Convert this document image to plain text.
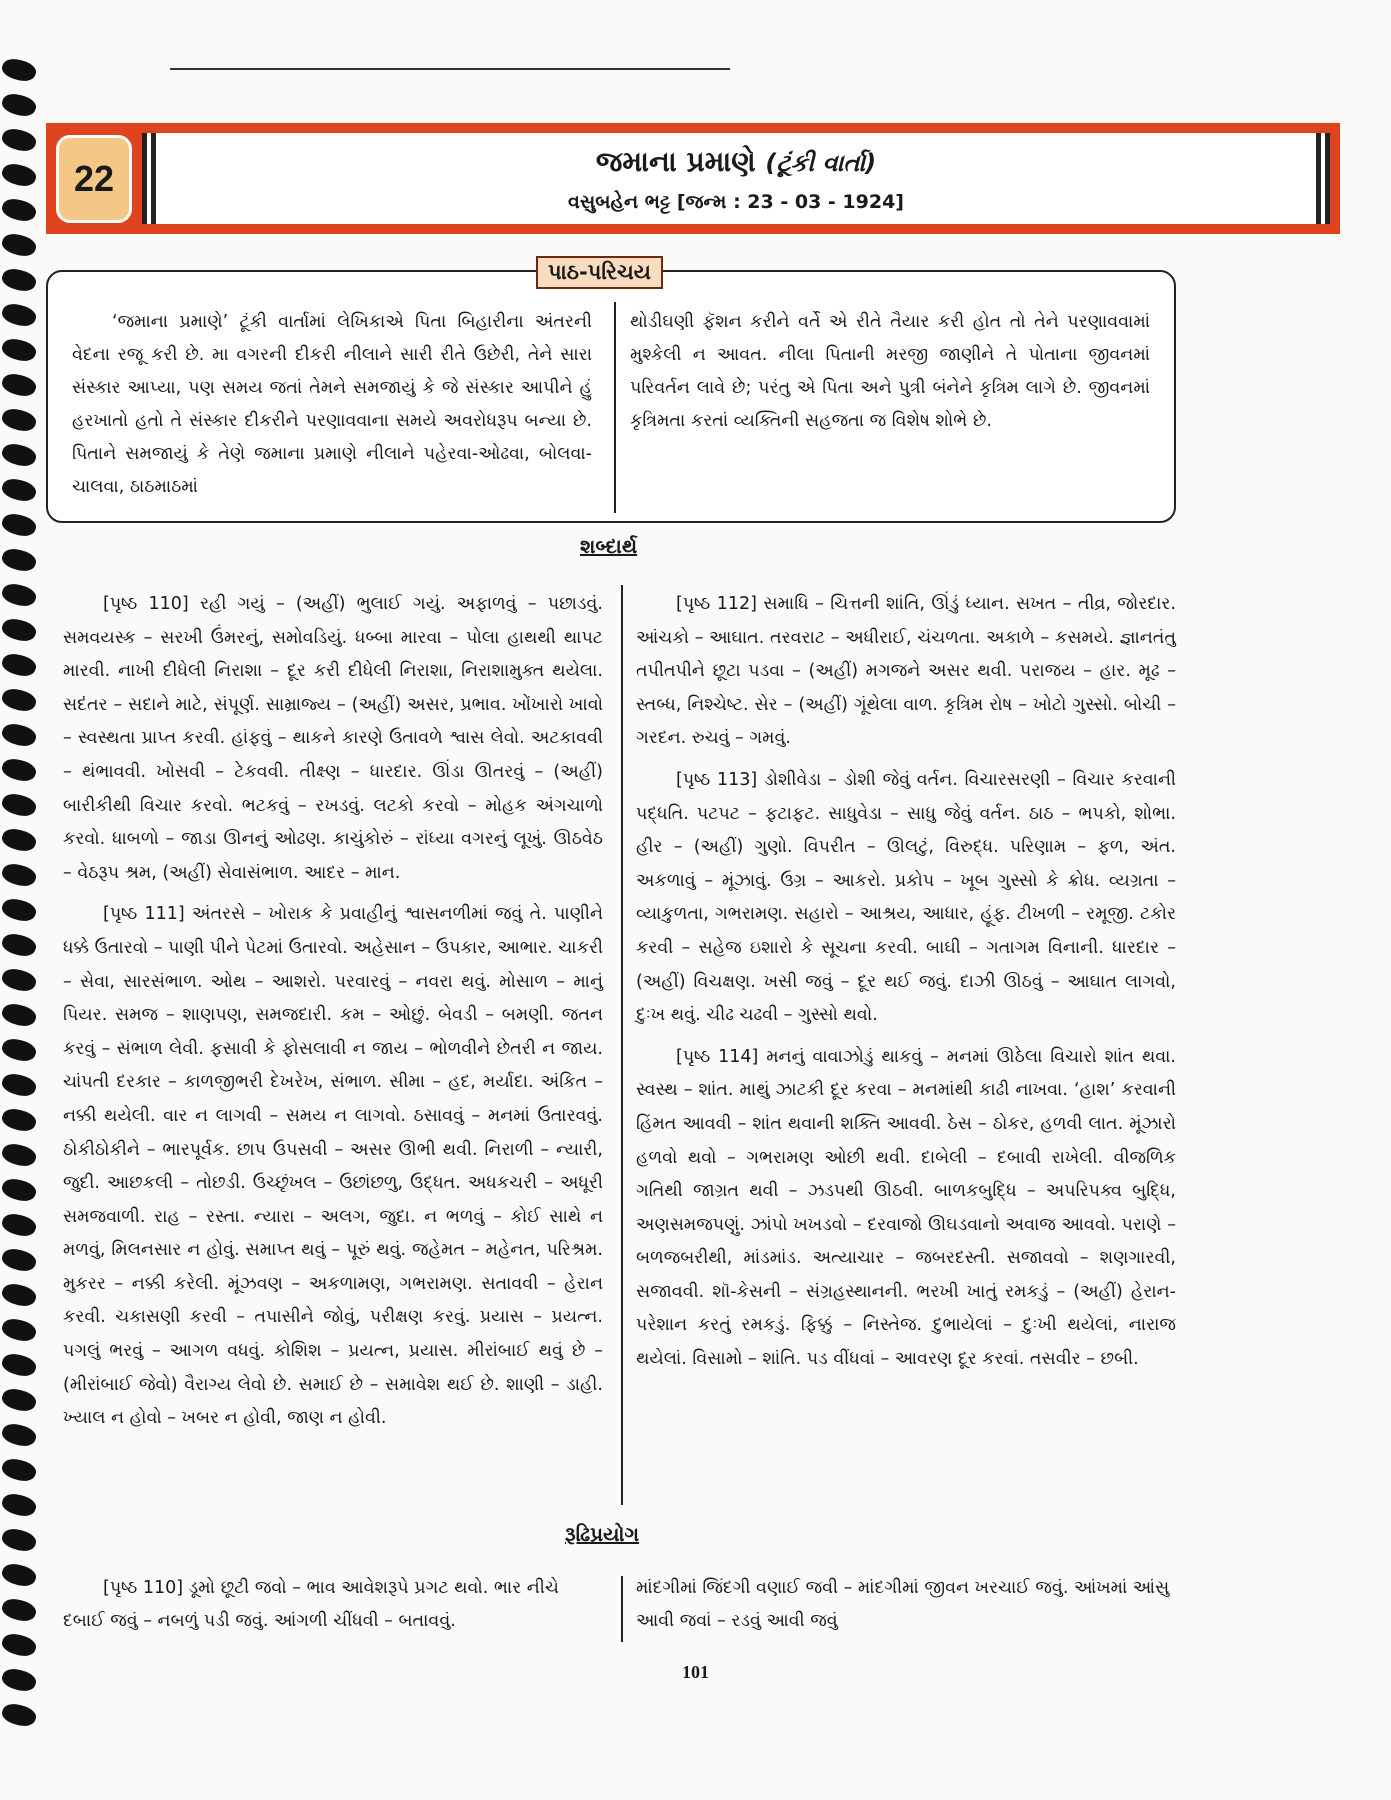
22	જમાના પ્રમાણે (ટૂંકી વાર્તા)
વસુબહેન ભટ્ટ [જન્મ : 23 - 03 - 1924]
પાઠ-પરિચય
‘જમાના પ્રમાણે’ ટૂંકી વાર્તામાં લેખિકાએ પિતા બિહારીના અંતરની વેદના રજૂ કરી છે. મા વગરની દીકરી નીલાને સારી રીતે ઉછેરી, તેને સારા સંસ્કાર આપ્યા, પણ સમય જતાં તેમને સમજાયું કે જે સંસ્કાર આપીને હું હરખાતો હતો તે સંસ્કાર દીકરીને પરણાવવાના સમયે અવરોધરૂપ બન્યા છે. પિતાને સમજાયું કે તેણે જમાના પ્રમાણે નીલાને પહેરવા-ઓઢવા, બોલવા-ચાલવા, ઠાઠમાઠમાં
થોડીઘણી ફૅશન કરીને વર્તે એ રીતે તૈયાર કરી હોત તો તેને પરણાવવામાં મુશ્કેલી ન આવત. નીલા પિતાની મરજી જાણીને તે પોતાના જીવનમાં પરિવર્તન લાવે છે; પરંતુ એ પિતા અને પુત્રી બંનેને કૃત્રિમ લાગે છે. જીવનમાં કૃત્રિમતા કરતાં વ્યક્તિની સહજતા જ વિશેષ શોભે છે.
શબ્દાર્થ

[પૃષ્ઠ 110] રહી ગયું – (અહીં) ભુલાઈ ગયું. અફાળવું – પછાડવું. સમવયસ્ક – સરખી ઉંમરનું, સમોવડિયું. ધબ્બા મારવા – પોલા હાથથી થાપટ મારવી. નાખી દીધેલી નિરાશા – દૂર કરી દીધેલી નિરાશા, નિરાશામુક્ત થયેલા. સદંતર – સદાને માટે, સંપૂર્ણ. સામ્રાજ્ય – (અહીં) અસર, પ્રભાવ. ખોંખારો ખાવો – સ્વસ્થતા પ્રાપ્ત કરવી. હાંફવું – થાકને કારણે ઉતાવળે શ્વાસ લેવો. અટકાવવી – થંભાવવી. ખોસવી – ટેકવવી. તીક્ષ્ણ – ધારદાર. ઊંડા ઊતરવું – (અહીં) બારીકીથી વિચાર કરવો. ભટકવું – રખડવું. લટકો કરવો – મોહક અંગચાળો કરવો. ધાબળો – જાડા ઊનનું ઓઢણ. કાચુંકોરું – રાંધ્યા વગરનું લૂખું. ઊઠવેઠ – વેઠરૂપ શ્રમ, (અહીં) સેવાસંભાળ. આદર – માન.

[પૃષ્ઠ 111] અંતરસે – ખોરાક કે પ્રવાહીનું શ્વાસનળીમાં જવું તે. પાણીને ધક્કે ઉતારવો – પાણી પીને પેટમાં ઉતારવો. અહેસાન – ઉપકાર, આભાર. ચાકરી – સેવા, સારસંભાળ. ઓથ – આશરો. પરવારવું – નવરા થવું. મોસાળ – માનું પિયર. સમજ – શાણપણ, સમજદારી. કમ – ઓછું. બેવડી – બમણી. જતન કરવું – સંભાળ લેવી. ફસાવી કે ફોસલાવી ન જાય – ભોળવીને છેતરી ન જાય. ચાંપતી દરકાર – કાળજીભરી દેખરેખ, સંભાળ. સીમા – હદ, મર્યાદા. અંકિત – નક્કી થયેલી. વાર ન લાગવી – સમય ન લાગવો. ઠસાવવું – મનમાં ઉતારવવું. ઠોકીઠોકીને – ભારપૂર્વક. છાપ ઉપસવી – અસર ઊભી થવી. નિરાળી – ન્યારી, જુદી. આછકલી – તોછડી. ઉચ્છૃંખલ – ઉછાંછળુ, ઉદ્ધત. અધકચરી – અધૂરી સમજવાળી. રાહ – રસ્તા. ન્યારા – અલગ, જુદા. ન ભળવું – કોઈ સાથે ન મળવું, મિલનસાર ન હોવું. સમાપ્ત થવું – પૂરું થવું. જહેમત – મહેનત, પરિશ્રમ. મુકરર – નક્કી કરેલી. મૂંઝવણ – અકળામણ, ગભરામણ. સતાવવી – હેરાન કરવી. ચકાસણી કરવી – તપાસીને જોવું, પરીક્ષણ કરવું. પ્રયાસ – પ્રયત્ન. પગલું ભરવું – આગળ વધવું. કોશિશ – પ્રયત્ન, પ્રયાસ. મીરાંબાઈ થવું છે – (મીરાંબાઈ જેવો) વૈરાગ્ય લેવો છે. સમાઈ છે – સમાવેશ થઈ છે. શાણી – ડાહી. ખ્યાલ ન હોવો – ખબર ન હોવી, જાણ ન હોવી.

[પૃષ્ઠ 112] સમાધિ – ચિત્તની શાંતિ, ઊંડું ધ્યાન. સખત – તીવ્ર, જોરદાર. આંચકો – આઘાત. તરવરાટ – અધીરાઈ, ચંચળતા. અકાળે – કસમયે. જ્ઞાનતંતુ તપીતપીને છૂટા પડવા – (અહીં) મગજને અસર થવી. પરાજય – હાર. મૂઢ – સ્તબ્ધ, નિશ્ચેષ્ટ. સેર – (અહીં) ગૂંથેલા વાળ. કૃત્રિમ રોષ – ખોટો ગુસ્સો. બોચી – ગરદન. રુચવું – ગમવું.

[પૃષ્ઠ 113] ડોશીવેડા – ડોશી જેવું વર્તન. વિચારસરણી – વિચાર કરવાની પદ્ધતિ. પટપટ – ફટાફટ. સાધુવેડા – સાધુ જેવું વર્તન. ઠાઠ – ભપકો, શોભા. હીર – (અહીં) ગુણો. વિપરીત – ઊલટું, વિરુદ્ધ. પરિણામ – ફળ, અંત. અકળાવું – મૂંઝાવું. ઉગ્ર – આકરો. પ્રકોપ – ખૂબ ગુસ્સો કે ક્રોધ. વ્યગ્રતા – વ્યાકુળતા, ગભરામણ. સહારો – આશ્રય, આધાર, હૂંફ. ટીખળી – રમૂજી. ટકોર કરવી – સહેજ ઇશારો કે સૂચના કરવી. બાઘી – ગતાગમ વિનાની. ધારદાર – (અહીં) વિચક્ષણ. ખસી જવું – દૂર થઈ જવું. દાઝી ઊઠવું – આઘાત લાગવો, દુઃખ થવું. ચીઢ ચઢવી – ગુસ્સો થવો.

[પૃષ્ઠ 114] મનનું વાવાઝોડું થાકવું – મનમાં ઊઠેલા વિચારો શાંત થવા. સ્વસ્થ – શાંત. માથું ઝાટકી દૂર કરવા – મનમાંથી કાઢી નાખવા. ‘હાશ’ કરવાની હિંમત આવવી – શાંત થવાની શક્તિ આવવી. ઠેસ – ઠોકર, હળવી લાત. મૂંઝારો હળવો થવો – ગભરામણ ઓછી થવી. દાબેલી – દબાવી રાખેલી. વીજળિક ગતિથી જાગ્રત થવી – ઝડપથી ઊઠવી. બાળકબુદ્ધિ – અપરિપક્વ બુદ્ધિ, અણસમજપણું. ઝાંપો ખખડવો – દરવાજો ઊઘડવાનો અવાજ આવવો. પરાણે – બળજબરીથી, માંડમાંડ. અત્યાચાર – જબરદસ્તી. સજાવવો – શણગારવી, સજાવવી. શૉ-કેસની – સંગ્રહસ્થાનની. ભરખી ખાતું રમકડું – (અહીં) હેરાન-પરેશાન કરતું રમકડું. ફિક્કું – નિસ્તેજ. દુભાયેલાં – દુઃખી થયેલાં, નારાજ થયેલાં. વિસામો – શાંતિ. પડ વીંધવાં – આવરણ દૂર કરવાં. તસવીર – છબી.

રૂઢિપ્રયોગ
[પૃષ્ઠ 110] ડૂમો છૂટી જવો – ભાવ આવેશરૂપે પ્રગટ થવો. ભાર નીચે દબાઈ જવું – નબળું પડી જવું. આંગળી ચીંધવી – બતાવવું.
માંદગીમાં જિંદગી વણાઈ જવી – માંદગીમાં જીવન ખરચાઈ જવું. આંખમાં આંસુ આવી જવાં – રડવું આવી જવું
101
